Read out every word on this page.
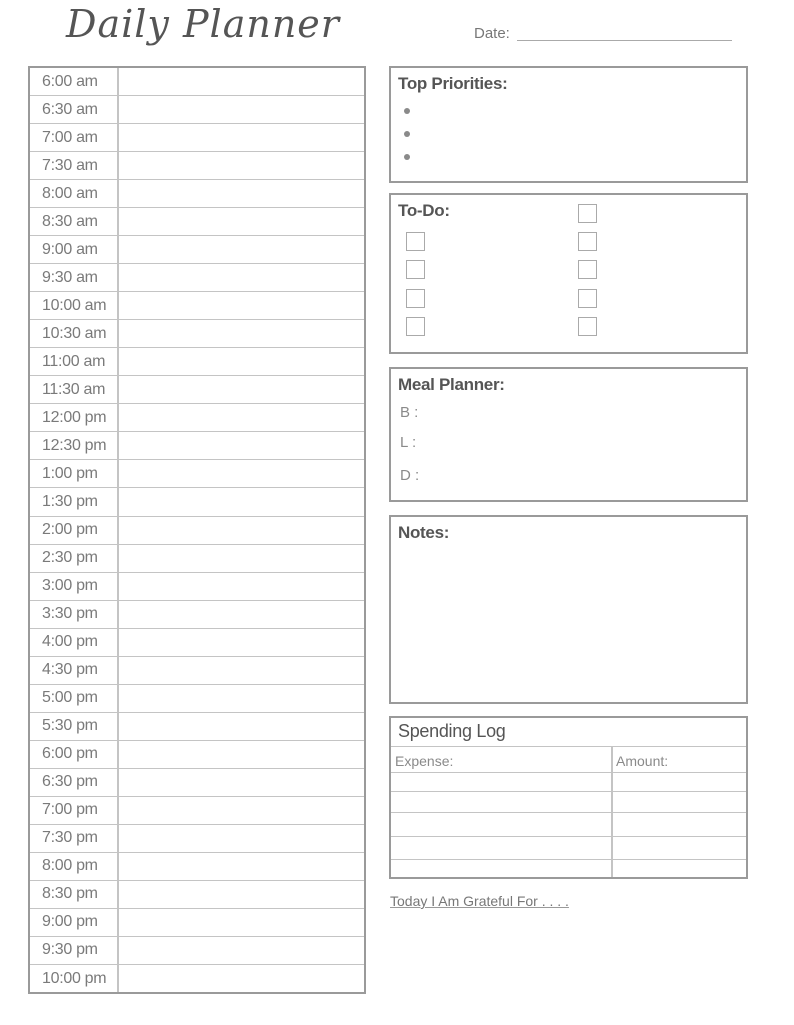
Daily Planner	Date:
6:00 am
6:30 am
7:00 am
7:30 am
8:00 am
8:30 am
9:00 am
9:30 am
10:00 am
10:30 am
11:00 am
11:30 am
12:00 pm
12:30 pm
1:00 pm
1:30 pm
2:00 pm
2:30 pm
3:00 pm
3:30 pm
4:00 pm
4:30 pm
5:00 pm
5:30 pm
6:00 pm
6:30 pm
7:00 pm
7:30 pm
8:00 pm
8:30 pm
9:00 pm
9:30 pm
10:00 pm
Top Priorities:
To-Do:
Meal Planner:
B :
L :
D :
Notes:
Spending Log
Expense:	Amount:
Today I Am Grateful For . . . .
